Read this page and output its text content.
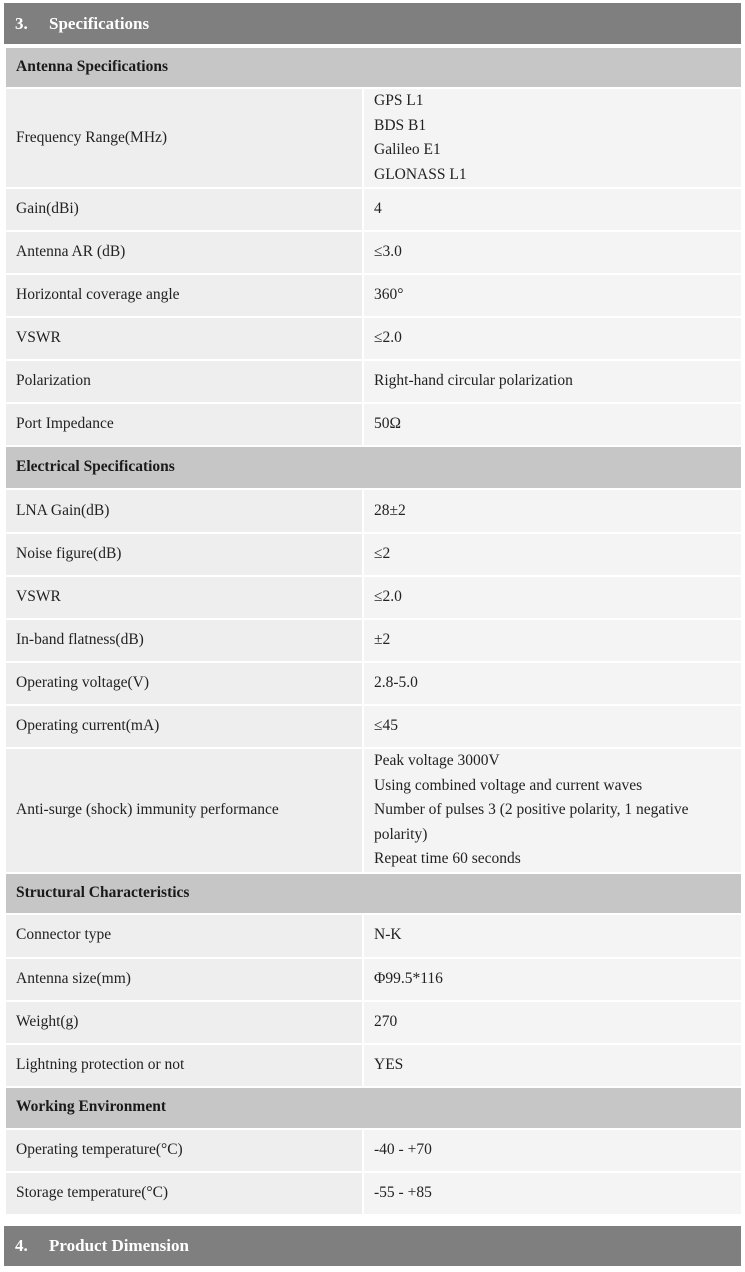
3.	Specifications
Antenna Specifications	
Frequency Range(MHz)	GPS L1
BDS B1
Galileo E1
GLONASS L1

Gain(dBi)	4

Antenna AR (dB)	≤3.0

Horizontal coverage angle	360°

VSWR	≤2.0

Polarization	Right-hand circular polarization

Port Impedance	50Ω

Electrical Specifications	
LNA Gain(dB)	28±2

Noise figure(dB)	≤2

VSWR	≤2.0

In-band flatness(dB)	±2

Operating voltage(V)	2.8-5.0

Operating current(mA)	≤45

Anti-surge (shock) immunity performance	Peak voltage 3000V
Using combined voltage and current waves
Number of pulses 3 (2 positive polarity, 1 negative polarity)
Repeat time 60 seconds

Structural Characteristics	
Connector type	N-K

Antenna size(mm)	Φ99.5*116

Weight(g)	270

Lightning protection or not	YES

Working Environment	
Operating temperature(°C)	-40 - +70

Storage temperature(°C)	-55 - +85
4.	Product Dimension
